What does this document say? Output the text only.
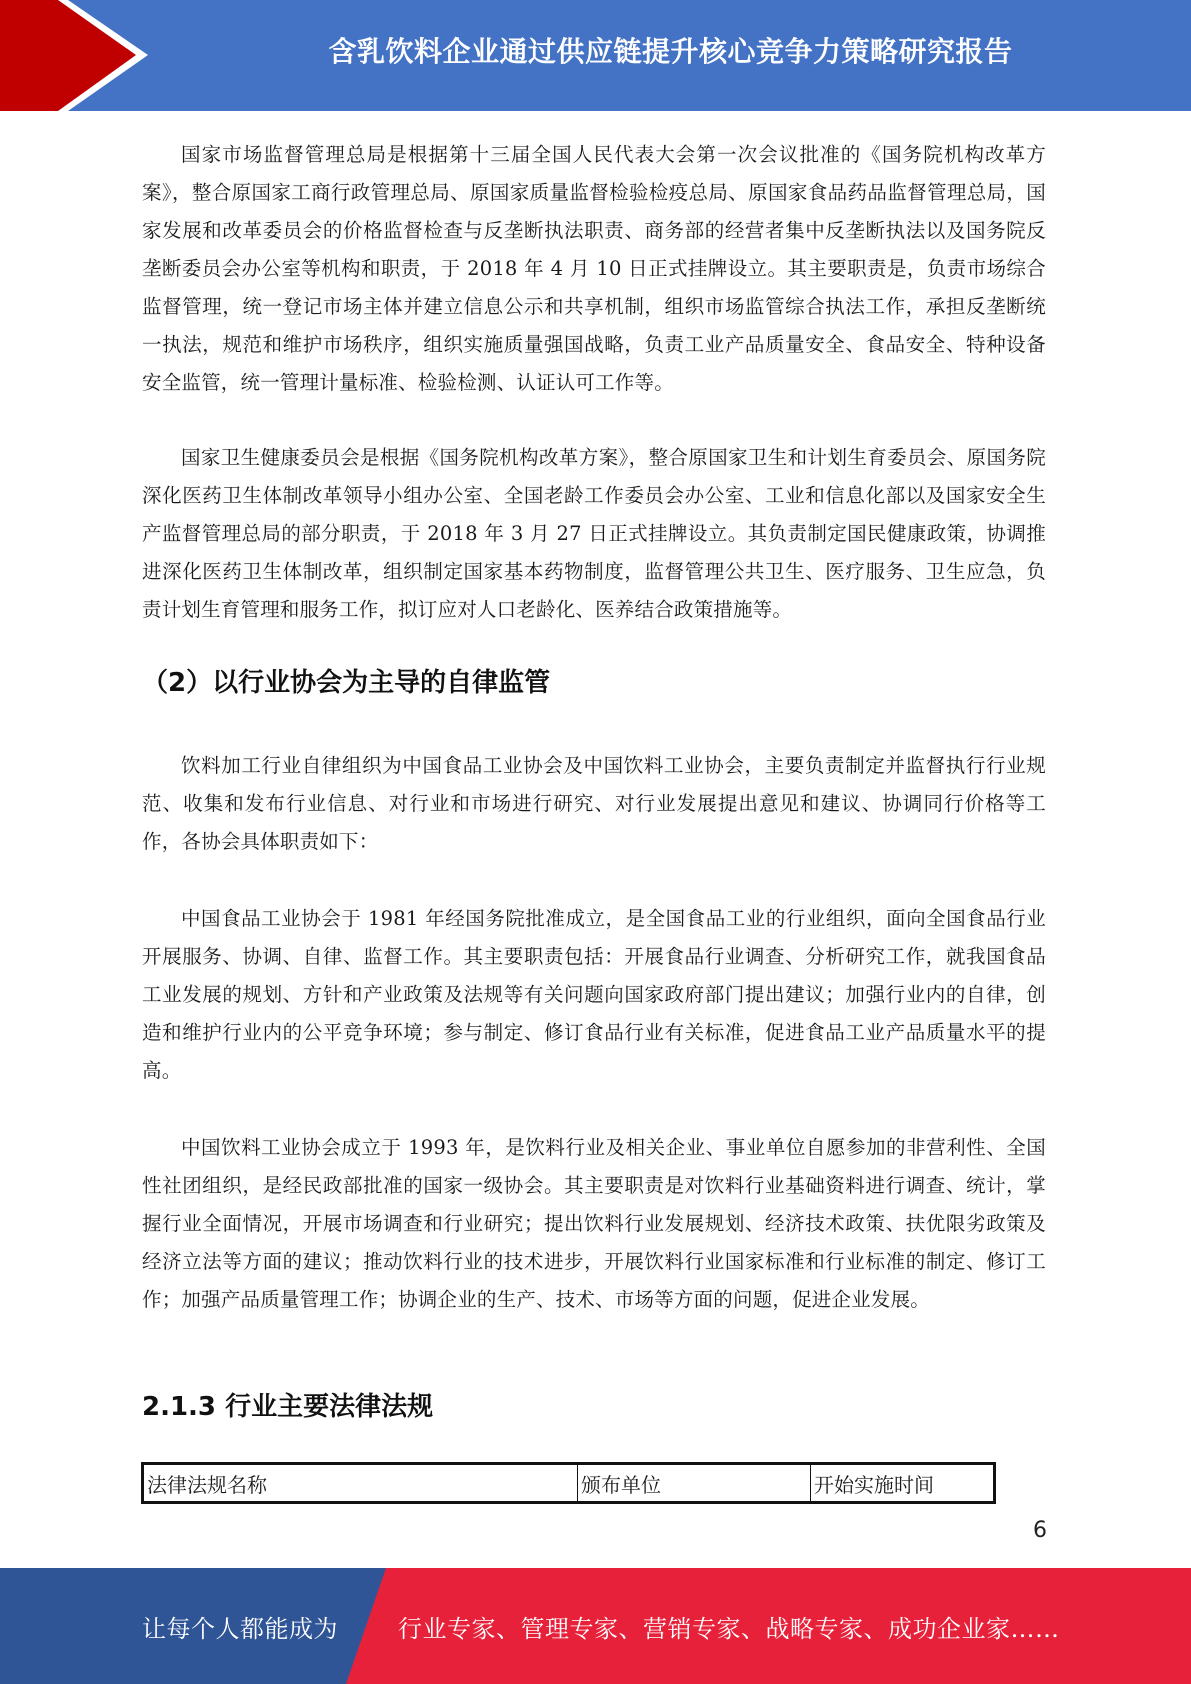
含乳饮料企业通过供应链提升核心竞争力策略研究报告

国家市场监督管理总局是根据第十三届全国人民代表大会第一次会议批准的《国务院机构改革方案》，整合原国家工商行政管理总局、原国家质量监督检验检疫总局、原国家食品药品监督管理总局，国家发展和改革委员会的价格监督检查与反垄断执法职责、商务部的经营者集中反垄断执法以及国务院反垄断委员会办公室等机构和职责，于 2018 年 4 月 10 日正式挂牌设立。其主要职责是，负责市场综合监督管理，统一登记市场主体并建立信息公示和共享机制，组织市场监管综合执法工作，承担反垄断统一执法，规范和维护市场秩序，组织实施质量强国战略，负责工业产品质量安全、食品安全、特种设备安全监管，统一管理计量标准、检验检测、认证认可工作等。

国家卫生健康委员会是根据《国务院机构改革方案》，整合原国家卫生和计划生育委员会、原国务院深化医药卫生体制改革领导小组办公室、全国老龄工作委员会办公室、工业和信息化部以及国家安全生产监督管理总局的部分职责，于 2018 年 3 月 27 日正式挂牌设立。其负责制定国民健康政策，协调推进深化医药卫生体制改革，组织制定国家基本药物制度，监督管理公共卫生、医疗服务、卫生应急，负责计划生育管理和服务工作，拟订应对人口老龄化、医养结合政策措施等。

（2）以行业协会为主导的自律监管

饮料加工行业自律组织为中国食品工业协会及中国饮料工业协会，主要负责制定并监督执行行业规范、收集和发布行业信息、对行业和市场进行研究、对行业发展提出意见和建议、协调同行价格等工作，各协会具体职责如下：

中国食品工业协会于 1981 年经国务院批准成立，是全国食品工业的行业组织，面向全国食品行业开展服务、协调、自律、监督工作。其主要职责包括：开展食品行业调查、分析研究工作，就我国食品工业发展的规划、方针和产业政策及法规等有关问题向国家政府部门提出建议；加强行业内的自律，创造和维护行业内的公平竞争环境；参与制定、修订食品行业有关标准，促进食品工业产品质量水平的提高。

中国饮料工业协会成立于 1993 年，是饮料行业及相关企业、事业单位自愿参加的非营利性、全国性社团组织，是经民政部批准的国家一级协会。其主要职责是对饮料行业基础资料进行调查、统计，掌握行业全面情况，开展市场调查和行业研究；提出饮料行业发展规划、经济技术政策、扶优限劣政策及经济立法等方面的建议；推动饮料行业的技术进步，开展饮料行业国家标准和行业标准的制定、修订工作；加强产品质量管理工作；协调企业的生产、技术、市场等方面的问题，促进企业发展。

2.1.3 行业主要法律法规
法律法规名称	颁布单位	开始实施时间
6
让每个人都能成为	行业专家、管理专家、营销专家、战略专家、成功企业家……
